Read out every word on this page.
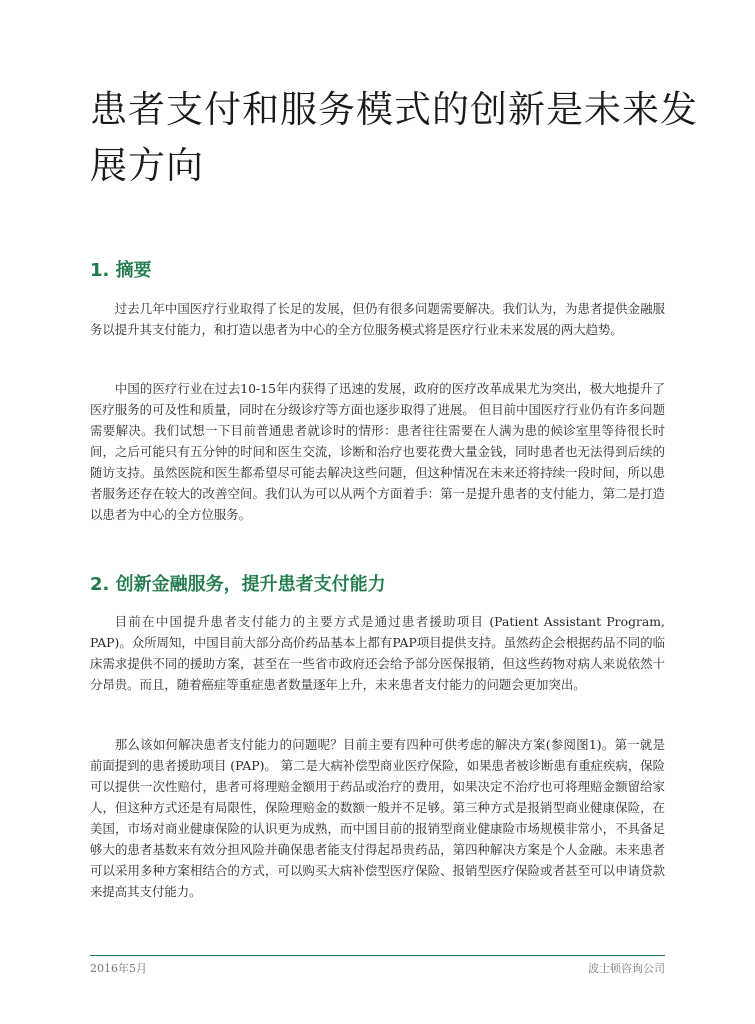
患者支付和服务模式的创新是未来发展方向
1. 摘要

过去几年中国医疗行业取得了长足的发展，但仍有很多问题需要解决。我们认为，为患者提供金融服务以提升其支付能力，和打造以患者为中心的全方位服务模式将是医疗行业未来发展的两大趋势。

中国的医疗行业在过去10-15年内获得了迅速的发展，政府的医疗改革成果尤为突出，极大地提升了医疗服务的可及性和质量，同时在分级诊疗等方面也逐步取得了进展。 但目前中国医疗行业仍有许多问题需要解决。我们试想一下目前普通患者就诊时的情形：患者往往需要在人满为患的候诊室里等待很长时间，之后可能只有五分钟的时间和医生交流，诊断和治疗也要花费大量金钱，同时患者也无法得到后续的随访支持。虽然医院和医生都希望尽可能去解决这些问题，但这种情况在未来还将持续一段时间，所以患者服务还存在较大的改善空间。我们认为可以从两个方面着手：第一是提升患者的支付能力，第二是打造以患者为中心的全方位服务。

2. 创新金融服务，提升患者支付能力

目前在中国提升患者支付能力的主要方式是通过患者援助项目 (Patient Assistant Program, PAP)。众所周知，中国目前大部分高价药品基本上都有PAP项目提供支持。虽然药企会根据药品不同的临床需求提供不同的援助方案，甚至在一些省市政府还会给予部分医保报销，但这些药物对病人来说依然十分昂贵。而且，随着癌症等重症患者数量逐年上升，未来患者支付能力的问题会更加突出。

那么该如何解决患者支付能力的问题呢？目前主要有四种可供考虑的解决方案(参阅图1)。第一就是前面提到的患者援助项目 (PAP)。 第二是大病补偿型商业医疗保险，如果患者被诊断患有重症疾病，保险可以提供一次性赔付，患者可将理赔金额用于药品或治疗的费用，如果决定不治疗也可将理赔金额留给家人，但这种方式还是有局限性，保险理赔金的数额一般并不足够。第三种方式是报销型商业健康保险，在美国，市场对商业健康保险的认识更为成熟，而中国目前的报销型商业健康险市场规模非常小，不具备足够大的患者基数来有效分担风险并确保患者能支付得起昂贵药品，第四种解决方案是个人金融。未来患者可以采用多种方案相结合的方式，可以购买大病补偿型医疗保险、报销型医疗保险或者甚至可以申请贷款来提高其支付能力。

2016年5月	波士顿咨询公司
